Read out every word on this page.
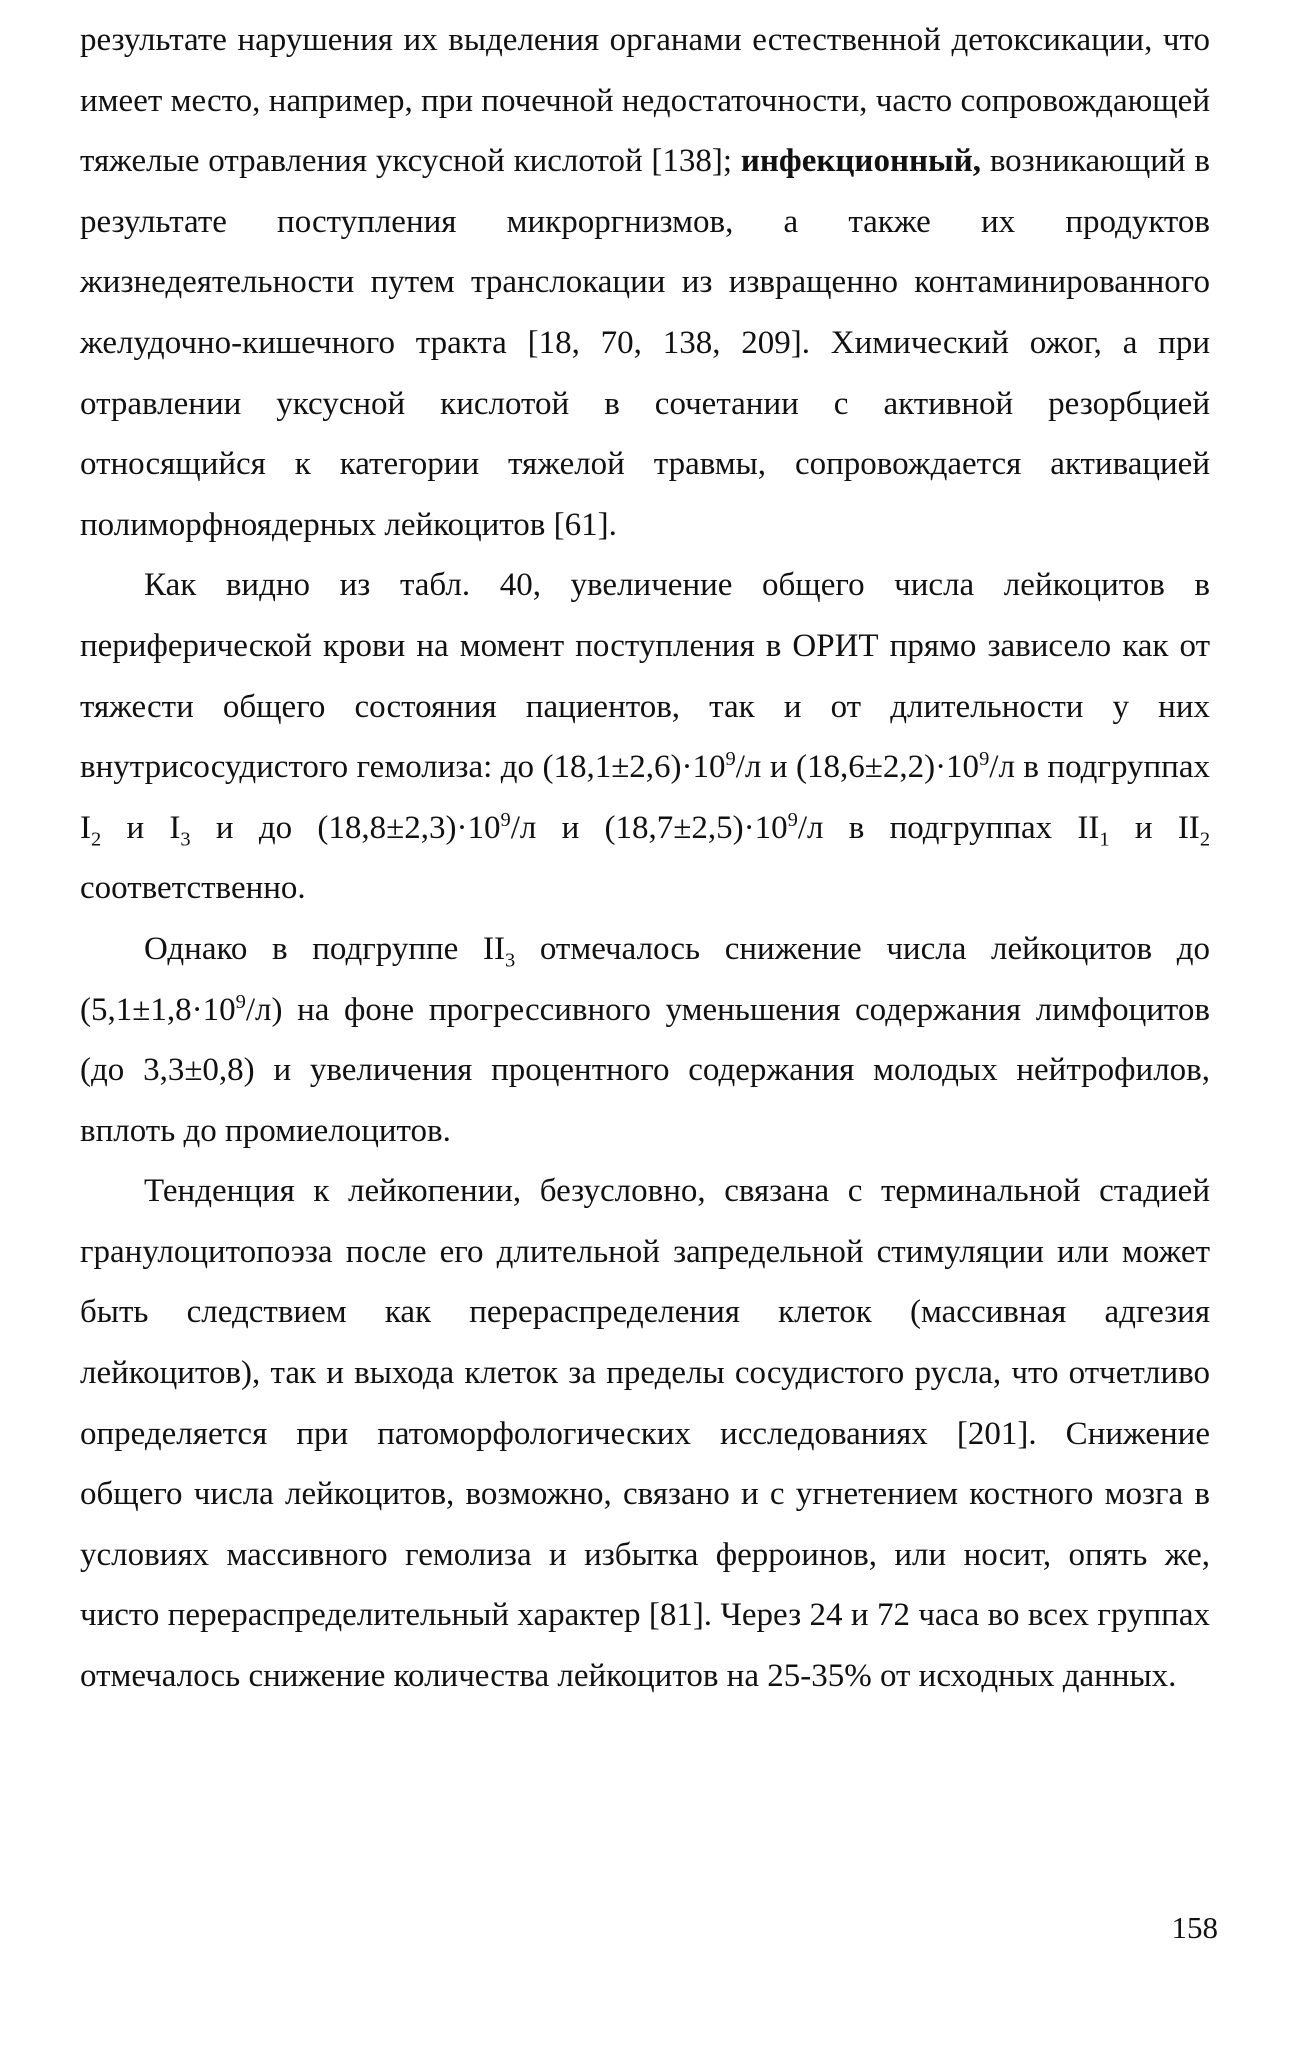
результате нарушения их выделения органами естественной детоксикации, что имеет место, например, при почечной недостаточности, часто сопровождающей тяжелые отравления уксусной кислотой [138]; инфекционный, возникающий в результате поступления микроргнизмов, а также их продуктов жизнедеятельности путем транслокации из извращенно контаминированного желудочно-кишечного тракта [18, 70, 138, 209]. Химический ожог, а при отравлении уксусной кислотой в сочетании с активной резорбцией относящийся к категории тяжелой травмы, сопровождается активацией полиморфноядерных лейкоцитов [61].

Как видно из табл. 40, увеличение общего числа лейкоцитов в периферической крови на момент поступления в ОРИТ прямо зависело как от тяжести общего состояния пациентов, так и от длительности у них внутрисосудистого гемолиза: до $(18,1\pm 2,6)\cdot 10^9/л$ и $(18,6\pm 2,2)\cdot 10^9/л$ в подгруппах $I_2$ и $I_3$ и до $(18,8\pm 2,3)\cdot 10^9/л$ и $(18,7\pm 2,5)\cdot 10^9/л$ в подгруппах $II_1$ и $II_2$ соответственно.

Однако в подгруппе $II_3$ отмечалось снижение числа лейкоцитов до $(5,1\pm 1,8\cdot 10^9/л)$ на фоне прогрессивного уменьшения содержания лимфоцитов (до 3,3±0,8) и увеличения процентного содержания молодых нейтрофилов, вплоть до промиелоцитов.

Тенденция к лейкопении, безусловно, связана с терминальной стадией гранулоцитопоэза после его длительной запредельной стимуляции или может быть следствием как перераспределения клеток (массивная адгезия лейкоцитов), так и выхода клеток за пределы сосудистого русла, что отчетливо определяется при патоморфологических исследованиях [201]. Снижение общего числа лейкоцитов, возможно, связано и с угнетением костного мозга в условиях массивного гемолиза и избытка ферроинов, или носит, опять же, чисто перераспределительный характер [81]. Через 24 и 72 часа во всех группах отмечалось снижение количества лейкоцитов на 25-35% от исходных данных.

158
